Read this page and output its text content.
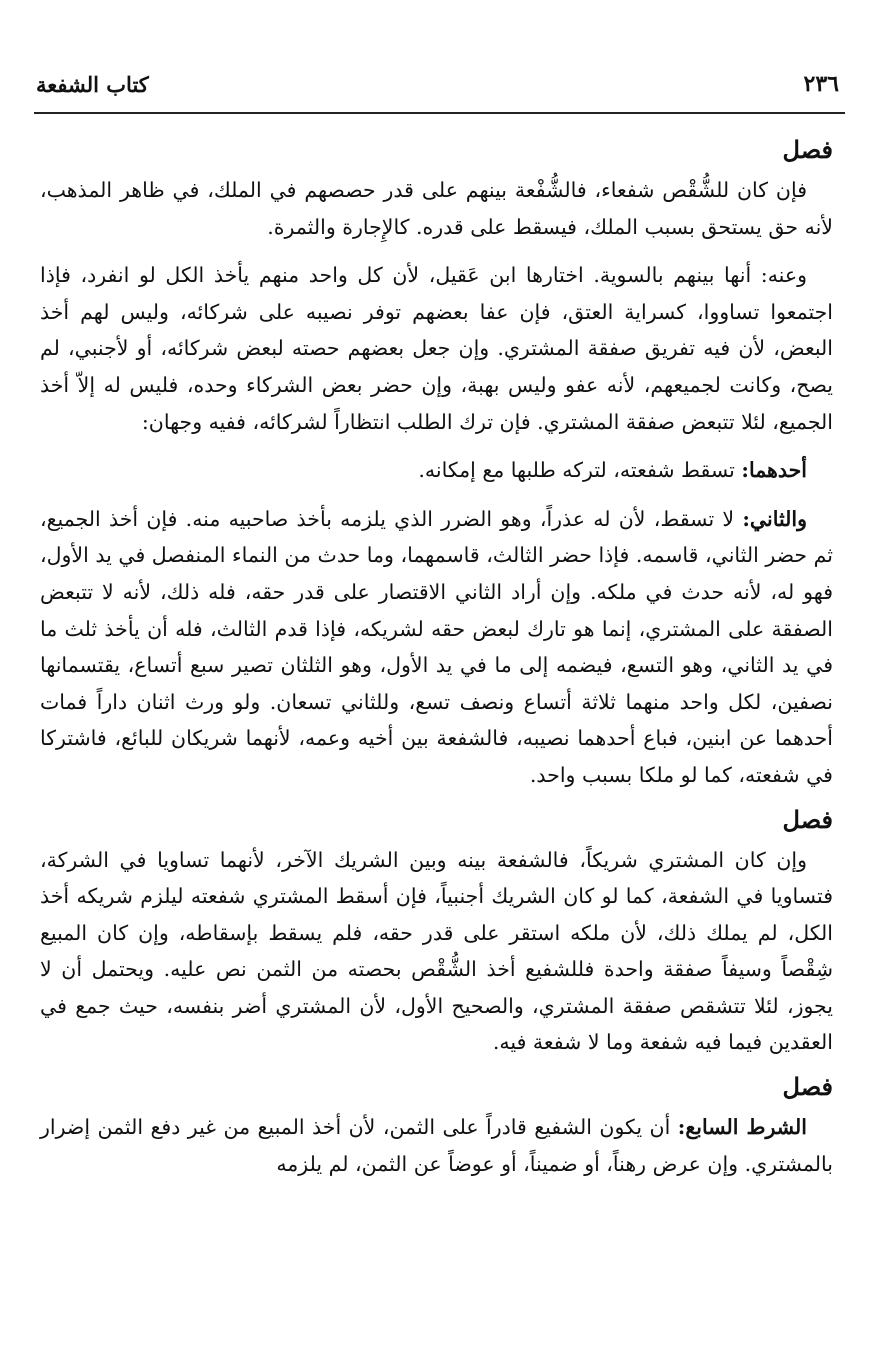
٢٣٦
كتاب الشفعة
فصل

فإن كان للشُّقْص شفعاء، فالشُّفْعة بينهم على قدر حصصهم في الملك، في ظاهر المذهب، لأنه حق يستحق بسبب الملك، فيسقط على قدره. كالإِجارة والثمرة.

وعنه: أنها بينهم بالسوية. اختارها ابن عَقيل، لأن كل واحد منهم يأخذ الكل لو انفرد، فإذا اجتمعوا تساووا، كسراية العتق، فإن عفا بعضهم توفر نصيبه على شركائه، وليس لهم أخذ البعض، لأن فيه تفريق صفقة المشتري. وإن جعل بعضهم حصته لبعض شركائه، أو لأجنبي، لم يصح، وكانت لجميعهم، لأنه عفو وليس بهبة، وإن حضر بعض الشركاء وحده، فليس له إلاّ أخذ الجميع، لئلا تتبعض صفقة المشتري. فإن ترك الطلب انتظاراً لشركائه، ففيه وجهان:

أحدهما: تسقط شفعته، لتركه طلبها مع إمكانه.

والثاني: لا تسقط، لأن له عذراً، وهو الضرر الذي يلزمه بأخذ صاحبيه منه. فإن أخذ الجميع، ثم حضر الثاني، قاسمه. فإذا حضر الثالث، قاسمهما، وما حدث من النماء المنفصل في يد الأول، فهو له، لأنه حدث في ملكه. وإن أراد الثاني الاقتصار على قدر حقه، فله ذلك، لأنه لا تتبعض الصفقة على المشتري، إنما هو تارك لبعض حقه لشريكه، فإذا قدم الثالث، فله أن يأخذ ثلث ما في يد الثاني، وهو التسع، فيضمه إلى ما في يد الأول، وهو الثلثان تصير سبع أتساع، يقتسمانها نصفين، لكل واحد منهما ثلاثة أتساع ونصف تسع، وللثاني تسعان. ولو ورث اثنان داراً فمات أحدهما عن ابنين، فباع أحدهما نصيبه، فالشفعة بين أخيه وعمه، لأنهما شريكان للبائع، فاشتركا في شفعته، كما لو ملكا بسبب واحد.

فصل

وإن كان المشتري شريكاً، فالشفعة بينه وبين الشريك الآخر، لأنهما تساويا في الشركة، فتساويا في الشفعة، كما لو كان الشريك أجنبياً، فإن أسقط المشتري شفعته ليلزم شريكه أخذ الكل، لم يملك ذلك، لأن ملكه استقر على قدر حقه، فلم يسقط بإسقاطه، وإن كان المبيع شِقْصاً وسيفاً صفقة واحدة فللشفيع أخذ الشُّقْص بحصته من الثمن نص عليه. ويحتمل أن لا يجوز، لئلا تتشقص صفقة المشتري، والصحيح الأول، لأن المشتري أضر بنفسه، حيث جمع في العقدين فيما فيه شفعة وما لا شفعة فيه.

فصل

الشرط السابع: أن يكون الشفيع قادراً على الثمن، لأن أخذ المبيع من غير دفع الثمن إضرار بالمشتري. وإن عرض رهناً، أو ضميناً، أو عوضاً عن الثمن، لم يلزمه
